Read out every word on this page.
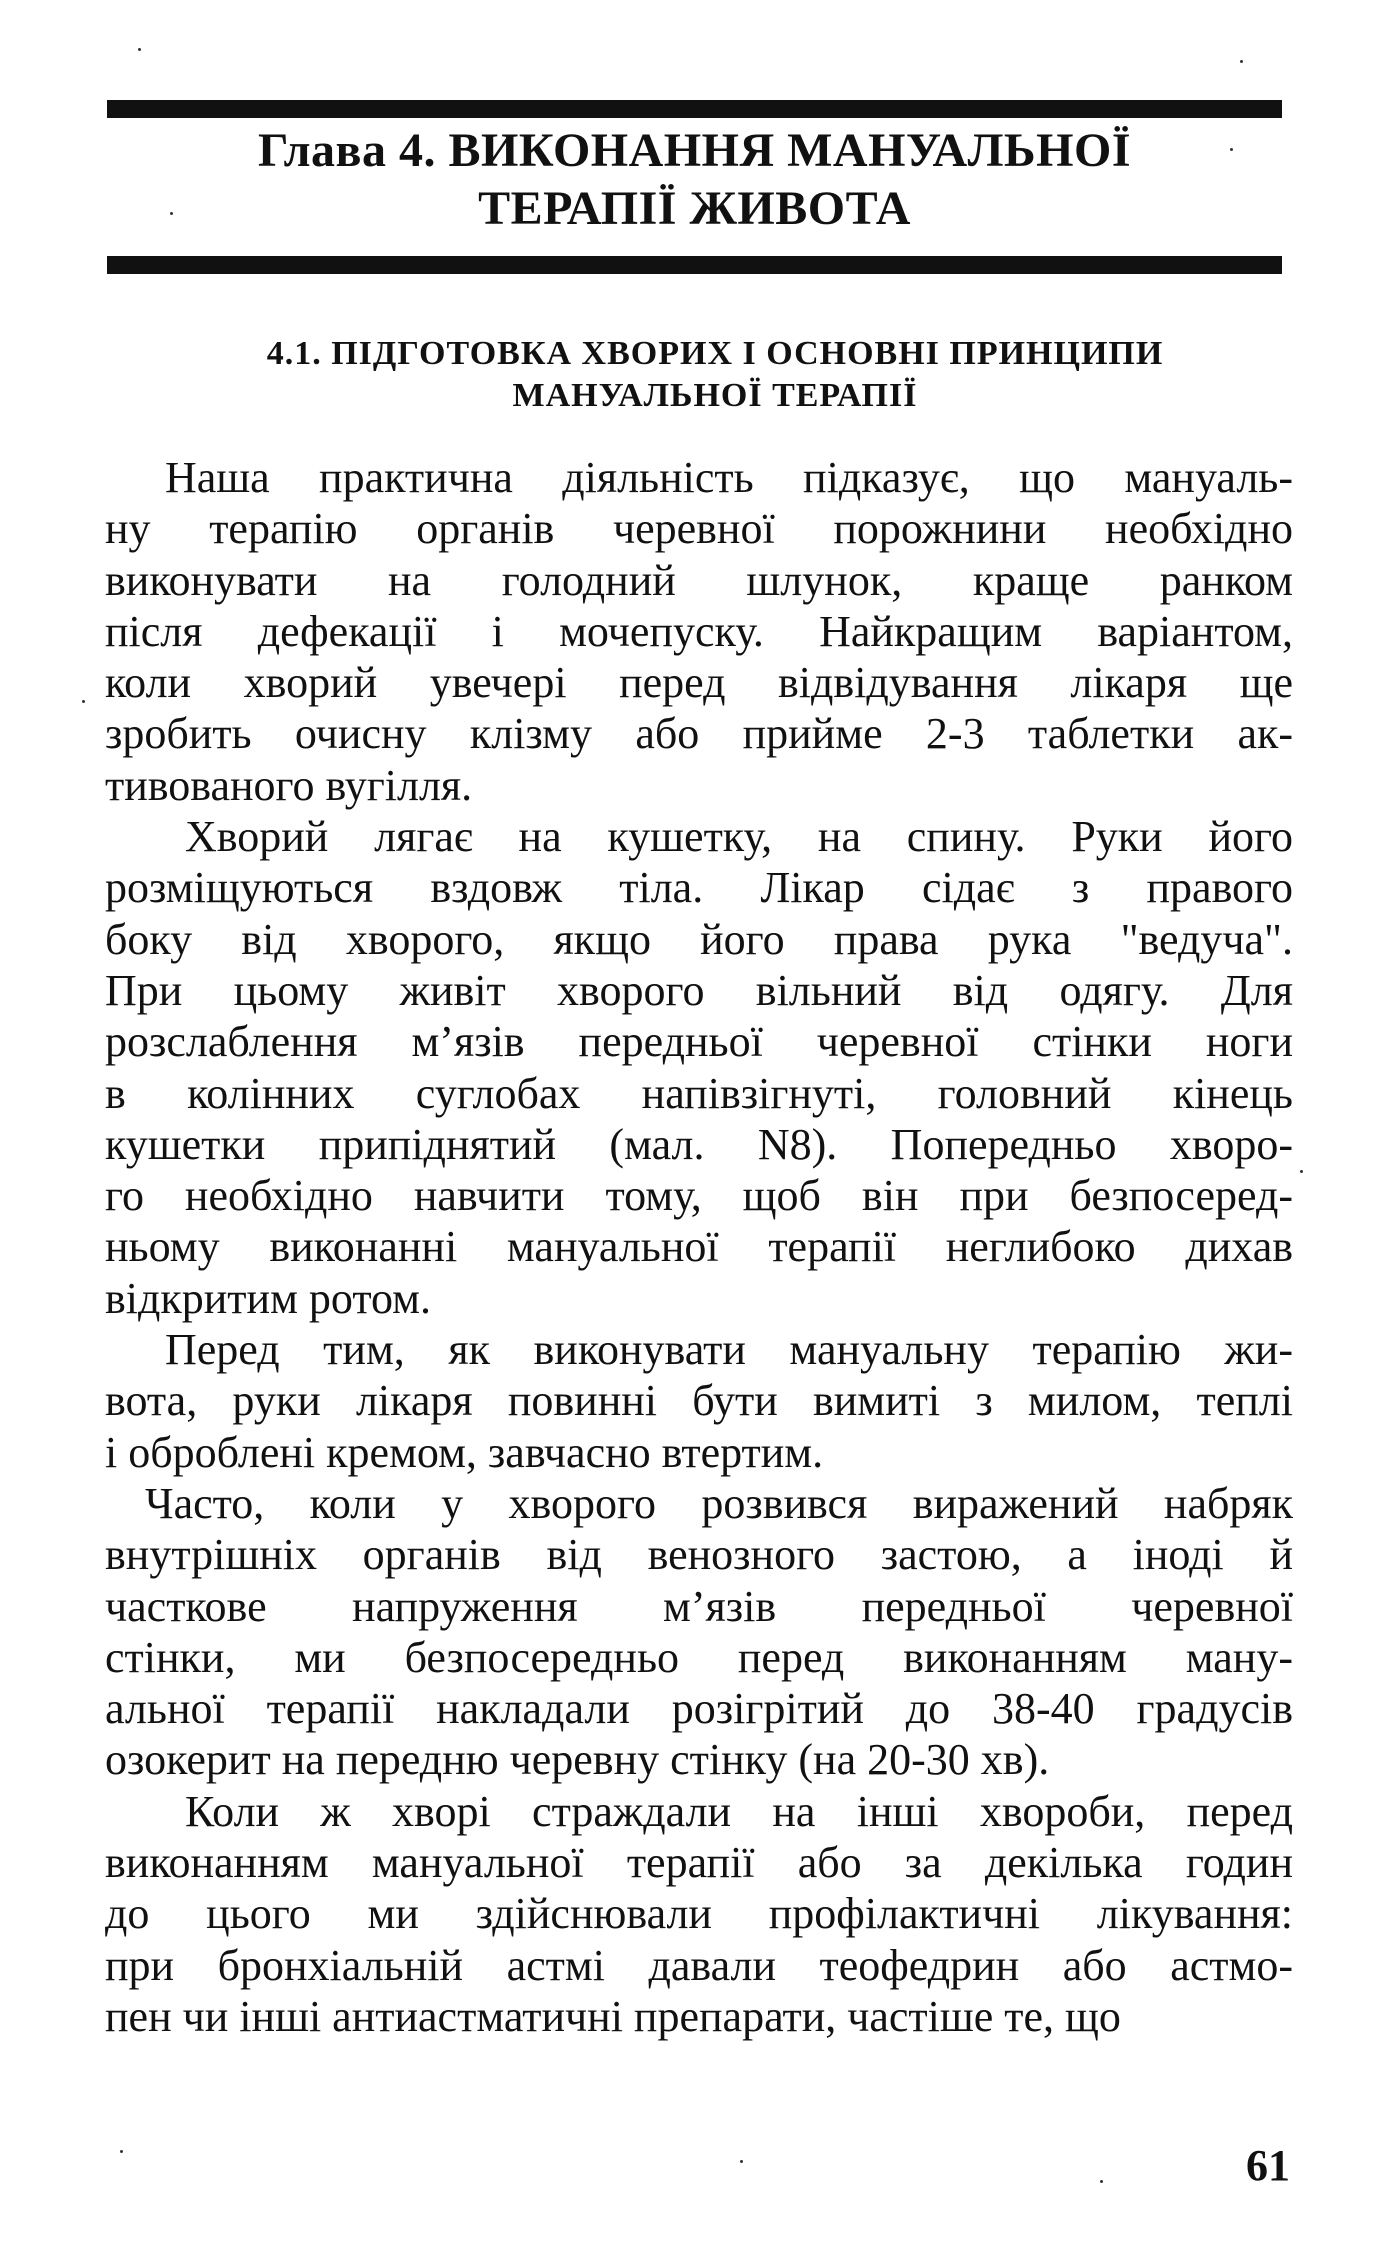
Глава 4. ВИКОНАННЯ МАНУАЛЬНОЇ
ТЕРАПІЇ ЖИВОТА
4.1. ПІДГОТОВКА ХВОРИХ І ОСНОВНІ ПРИНЦИПИ
МАНУАЛЬНОЇ ТЕРАПІЇ
Наша практична діяльність підказує, що мануаль-
ну терапію органів черевної порожнини необхідно
виконувати на голодний шлунок, краще ранком
після дефекації і мочепуску. Найкращим варіантом,
коли хворий увечері перед відвідування лікаря ще
зробить очисну клізму або прийме 2-3 таблетки ак-
тивованого вугілля.
Хворий лягає на кушетку, на спину. Руки його
розміщуються вздовж тіла. Лікар сідає з правого
боку від хворого, якщо його права рука "ведуча".
При цьому живіт хворого вільний від одягу. Для
розслаблення м’язів передньої черевної стінки ноги
в колінних суглобах напівзігнуті, головний кінець
кушетки припіднятий (мал. N8). Попередньо хворо-
го необхідно навчити тому, щоб він при безпосеред-
ньому виконанні мануальної терапії неглибоко дихав
відкритим ротом.
Перед тим, як виконувати мануальну терапію жи-
вота, руки лікаря повинні бути вимиті з милом, теплі
і оброблені кремом, завчасно втертим.
Часто, коли у хворого розвився виражений набряк
внутрішніх органів від венозного застою, а іноді й
часткове напруження м’язів передньої черевної
стінки, ми безпосередньо перед виконанням ману-
альної терапії накладали розігрітий до 38-40 градусів
озокерит на передню черевну стінку (на 20-30 хв).
Коли ж хворі страждали на інші хвороби, перед
виконанням мануальної терапії або за декілька годин
до цього ми здійснювали профілактичні лікування:
при бронхіальній астмі давали теофедрин або астмо-
пен чи інші антиастматичні препарати, частіше те, що
61
